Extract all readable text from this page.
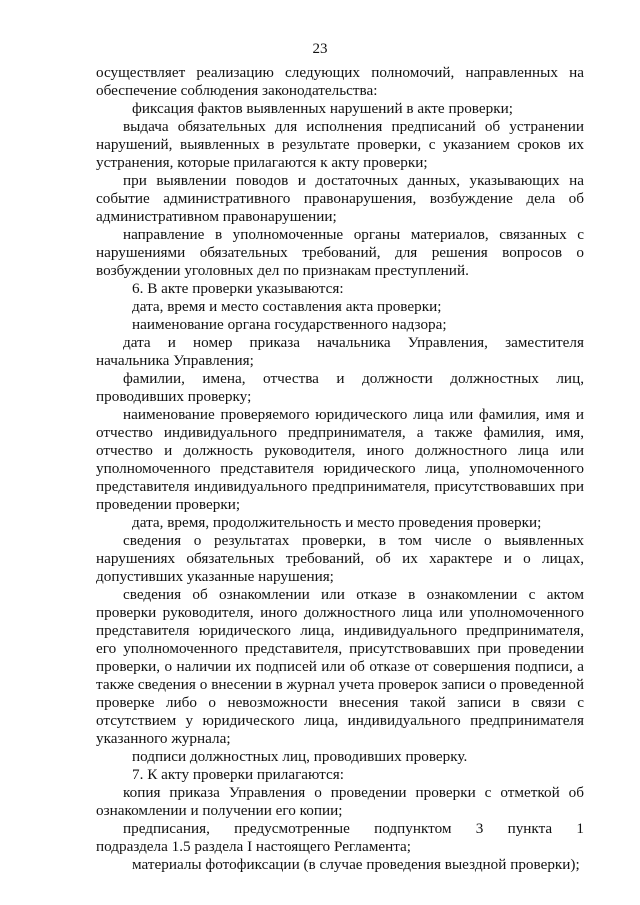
23
осуществляет реализацию следующих полномочий, направленных на
обеспечение соблюдения законодательства:
фиксация фактов выявленных нарушений в акте проверки;
выдача обязательных для исполнения предписаний об устранении
нарушений, выявленных в результате проверки, с указанием сроков их
устранения, которые прилагаются к акту проверки;
при выявлении поводов и достаточных данных, указывающих на
событие административного правонарушения, возбуждение дела об
административном правонарушении;
направление в уполномоченные органы материалов, связанных с
нарушениями обязательных требований, для решения вопросов о
возбуждении уголовных дел по признакам преступлений.
6. В акте проверки указываются:
дата, время и место составления акта проверки;
наименование органа государственного надзора;
дата и номер приказа начальника Управления, заместителя
начальника Управления;
фамилии, имена, отчества и должности должностных лиц,
проводивших проверку;
наименование проверяемого юридического лица или фамилия, имя и
отчество индивидуального предпринимателя, а также фамилия, имя,
отчество и должность руководителя, иного должностного лица или
уполномоченного представителя юридического лица, уполномоченного
представителя индивидуального предпринимателя, присутствовавших при
проведении проверки;
дата, время, продолжительность и место проведения проверки;
сведения о результатах проверки, в том числе о выявленных
нарушениях обязательных требований, об их характере и о лицах,
допустивших указанные нарушения;
сведения об ознакомлении или отказе в ознакомлении с актом
проверки руководителя, иного должностного лица или уполномоченного
представителя юридического лица, индивидуального предпринимателя,
его уполномоченного представителя, присутствовавших при проведении
проверки, о наличии их подписей или об отказе от совершения подписи, а
также сведения о внесении в журнал учета проверок записи о проведенной
проверке либо о невозможности внесения такой записи в связи с
отсутствием у юридического лица, индивидуального предпринимателя
указанного журнала;
подписи должностных лиц, проводивших проверку.
7. К акту проверки прилагаются:
копия приказа Управления о проведении проверки с отметкой об
ознакомлении и получении его копии;
предписания, предусмотренные подпунктом 3 пункта 1
подраздела 1.5 раздела I настоящего Регламента;
материалы фотофиксации (в случае проведения выездной проверки);
